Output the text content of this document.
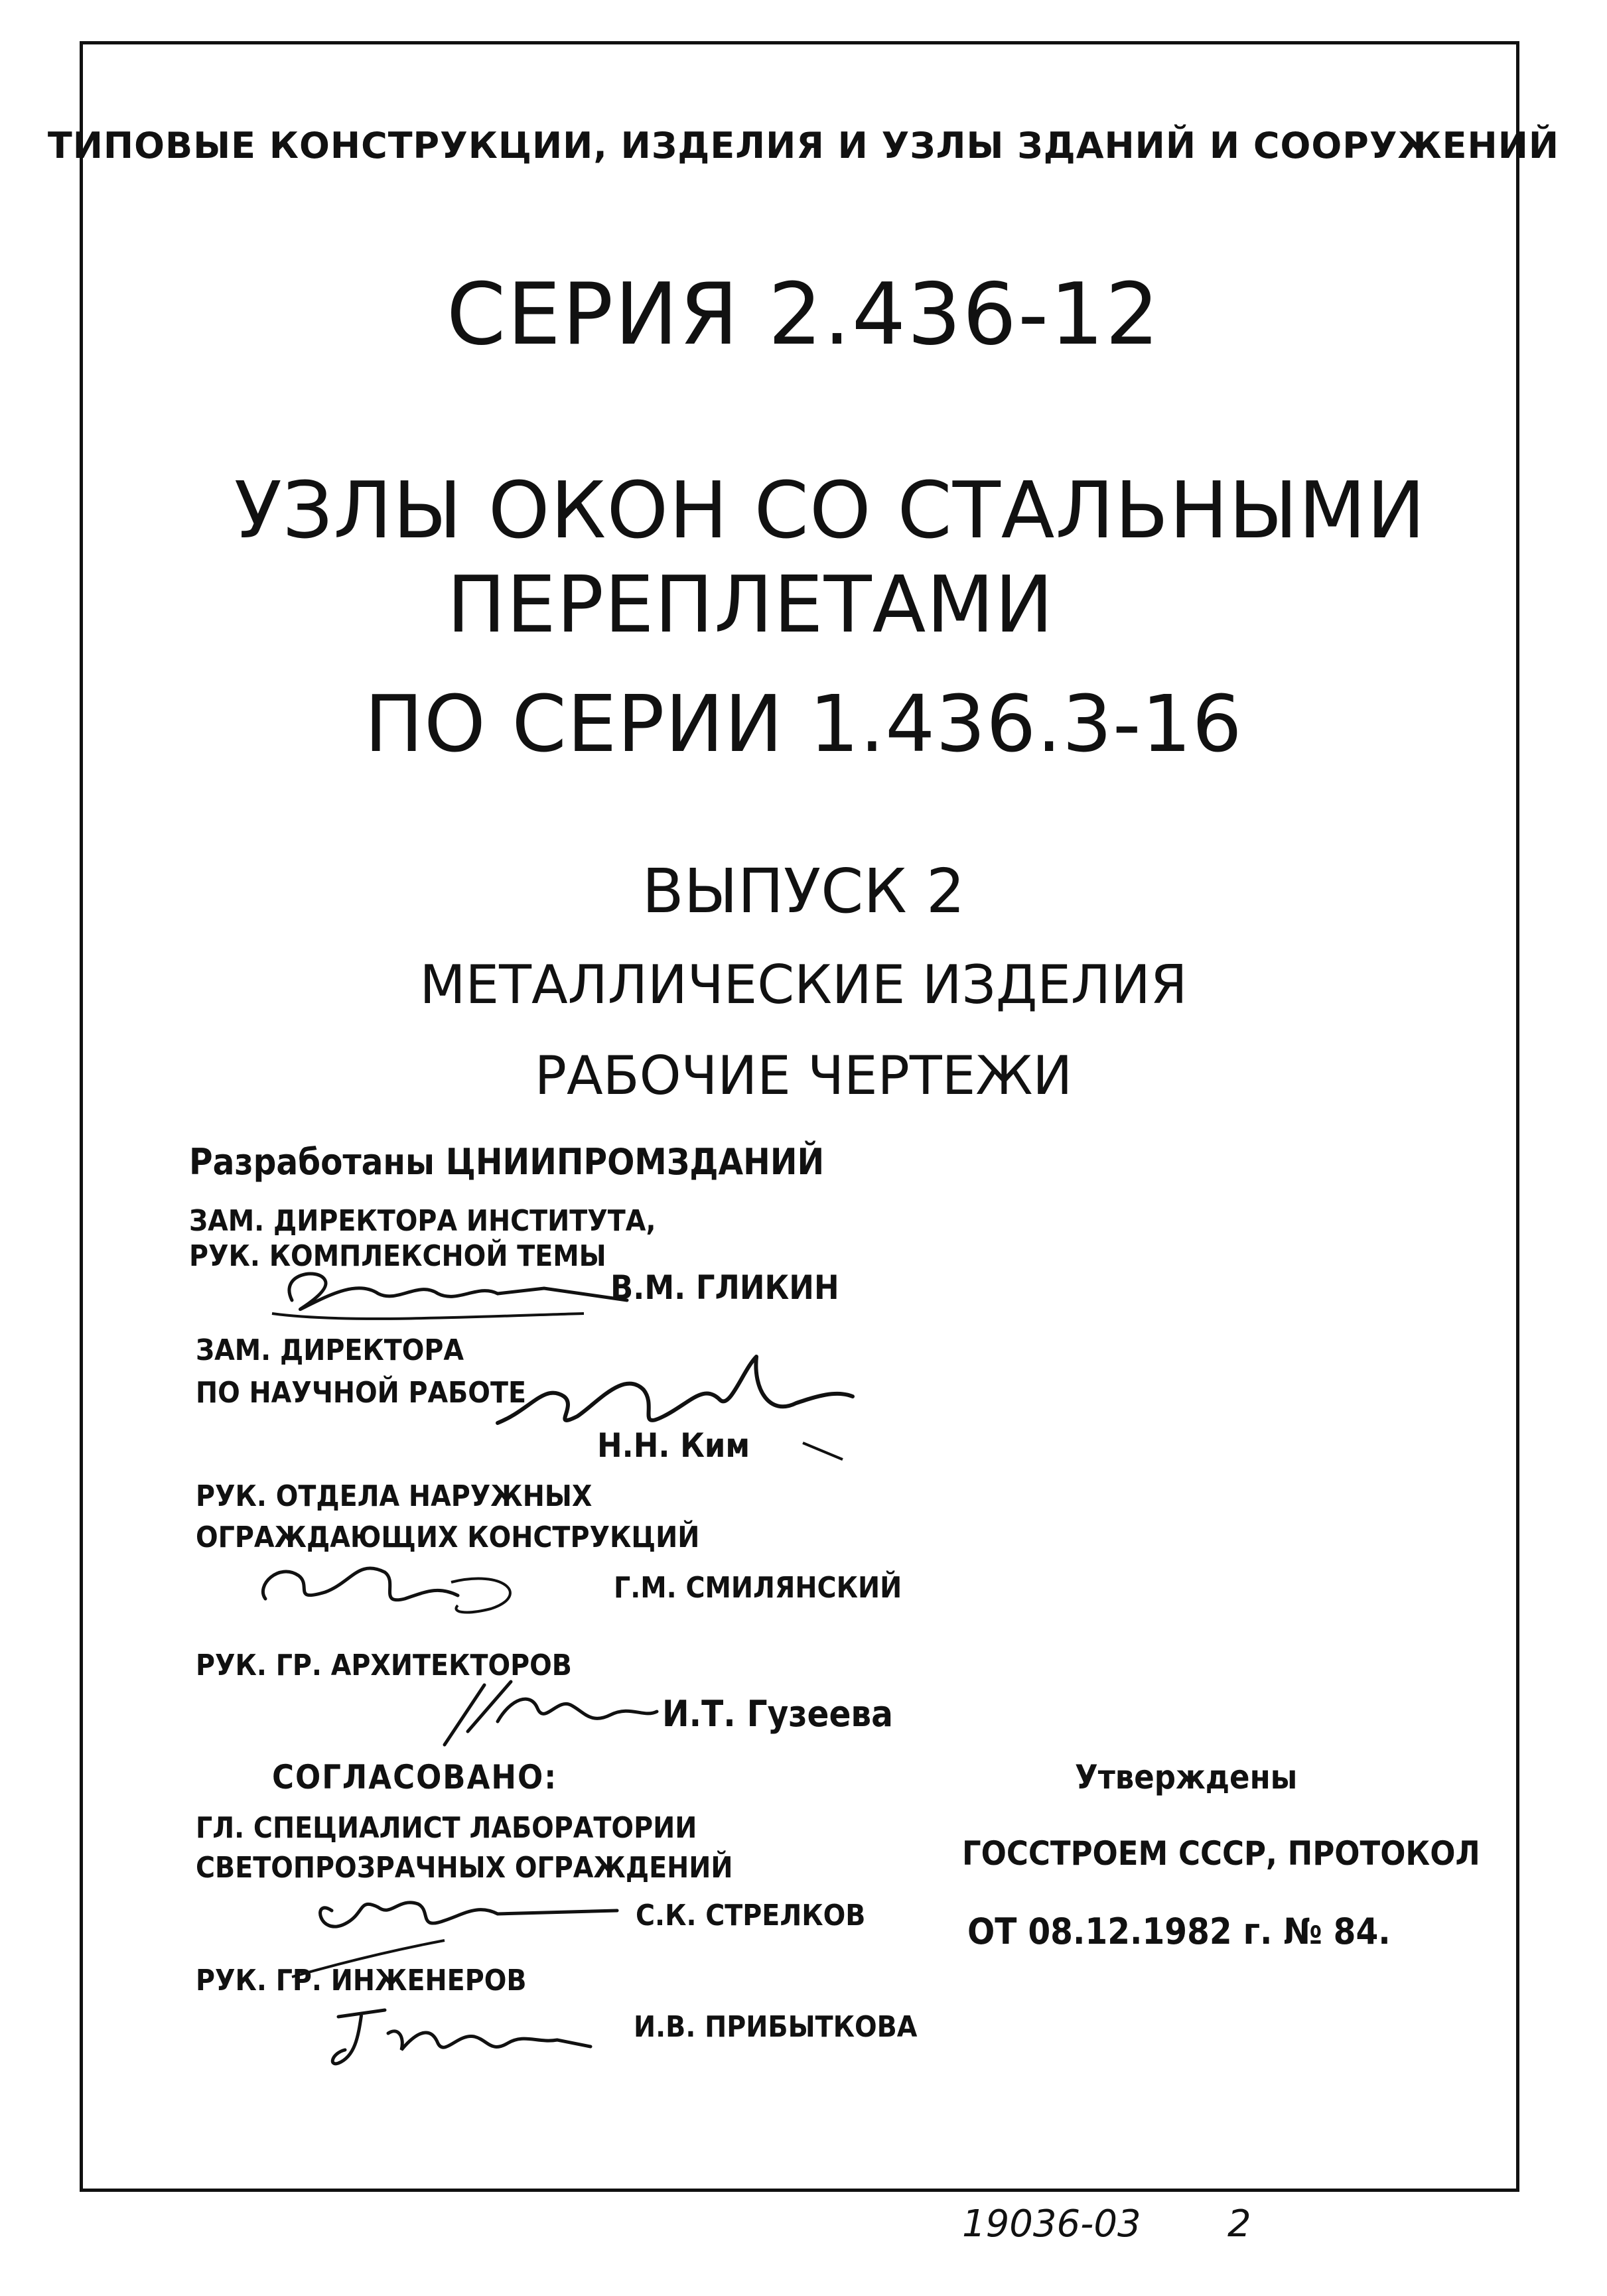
ТИПОВЫЕ КОНСТРУКЦИИ, ИЗДЕЛИЯ И УЗЛЫ ЗДАНИЙ И СООРУЖЕНИЙ
СЕРИЯ 2.436-12
УЗЛЫ ОКОН СО СТАЛЬНЫМИ
ПЕРЕПЛЕТАМИ
ПО СЕРИИ 1.436.3-16
ВЫПУСК 2
МЕТАЛЛИЧЕСКИЕ ИЗДЕЛИЯ
РАБОЧИЕ ЧЕРТЕЖИ
Разработаны ЦНИИПРОМЗДАНИЙ
ЗАМ. ДИРЕКТОРА ИНСТИТУТА,
РУК. КОМПЛЕКСНОЙ ТЕМЫ
В.М. ГЛИКИН
ЗАМ. ДИРЕКТОРА
ПО НАУЧНОЙ РАБОТЕ
Н.Н. Ким
РУК. ОТДЕЛА НАРУЖНЫХ
ОГРАЖДАЮЩИХ КОНСТРУКЦИЙ
Г.М. СМИЛЯНСКИЙ
РУК. ГР. АРХИТЕКТОРОВ
И.Т. Гузеева
СОГЛАСОВАНО:
ГЛ. СПЕЦИАЛИСТ ЛАБОРАТОРИИ
СВЕТОПРОЗРАЧНЫХ ОГРАЖДЕНИЙ
С.К. СТРЕЛКОВ
РУК. ГР. ИНЖЕНЕРОВ
И.В. ПРИБЫТКОВА
Утверждены
ГОССТРОЕМ СССР, ПРОТОКОЛ
ОТ 08.12.1982 г. № 84.
19036-03 2
